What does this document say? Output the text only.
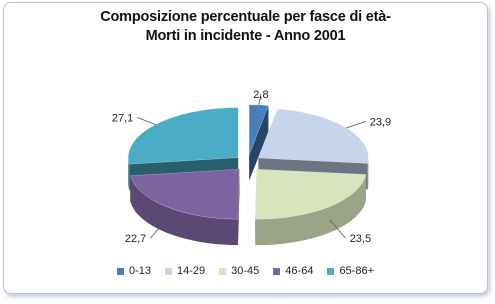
Composizione percentuale per fasce di età-
Morti in incidente - Anno 2001
2,8
23,9
23,5
22,7
27,1
0-13 14-29 30-45 46-64 65-86+
